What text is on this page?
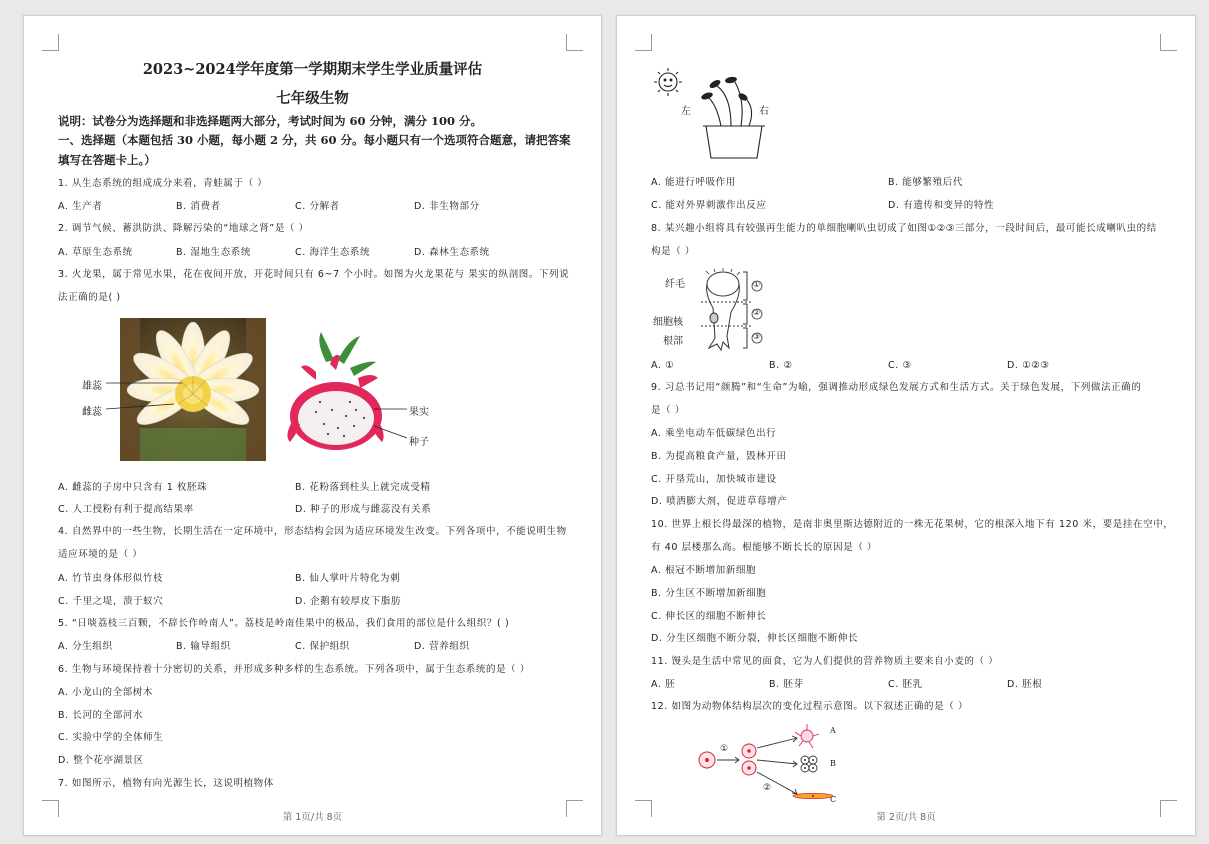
2023~2024学年度第一学期期末学生学业质量评估
七年级生物
说明：试卷分为选择题和非选择题两大部分，考试时间为 60 分钟，满分 100 分。
一、选择题（本题包括 30 小题，每小题 2 分，共 60 分。每小题只有一个选项符合题意，请把答案
填写在答题卡上。）
1. 从生态系统的组成成分来看，青蛙属于（ ）
A. 生产者	B. 消费者	C. 分解者	D. 非生物部分
2. 调节气候、蓄洪防洪、降解污染的“地球之肾”是（ ）
A. 草原生态系统	B. 湿地生态系统	C. 海洋生态系统	D. 森林生态系统
3. 火龙果，属于常见水果，花在夜间开放，开花时间只有 6~7 个小时。如图为火龙果花与 果实的纵剖图。下列说
法正确的是( )
雄蕊
雌蕊	果实
种子
A. 雌蕊的子房中只含有 1 枚胚珠	B. 花粉落到柱头上就完成受精
C. 人工授粉有利于提高结果率	D. 种子的形成与雌蕊没有关系
4. 自然界中的一些生物，长期生活在一定环境中，形态结构会因为适应环境发生改变。下列各项中，不能说明生物
适应环境的是（ ）
A. 竹节虫身体形似竹枝	B. 仙人掌叶片特化为刺
C. 千里之堤，溃于蚁穴	D. 企鹅有较厚皮下脂肪
5. “日啖荔枝三百颗，不辞长作岭南人”。荔枝是岭南佳果中的极品，我们食用的部位是什么组织？( )
A. 分生组织	B. 输导组织	C. 保护组织	D. 营养组织
6. 生物与环境保持着十分密切的关系，并形成多种多样的生态系统。下列各项中，属于生态系统的是（ ）
A. 小龙山的全部树木
B. 长河的全部河水
C. 实验中学的全体师生
D. 整个花亭湖景区
7. 如图所示，植物有向光源生长，这说明植物体
第 1页/共 8页
左	右
A. 能进行呼吸作用	B. 能够繁殖后代
C. 能对外界刺激作出反应	D. 有遗传和变异的特性
8. 某兴趣小组将具有较强再生能力的单细胞喇叭虫切成了如图①②③三部分，一段时间后，最可能长成喇叭虫的结
构是（ ）
纤毛
细胞核
根部
①
②
③
A. ①	B. ②	C. ③	D. ①②③
9. 习总书记用“颜腾”和“生命”为喻，强调推动形成绿色发展方式和生活方式。关于绿色发展，下列做法正确的
是（ ）
A. 乘坐电动车低碳绿色出行
B. 为提高粮食产量，毁林开田
C. 开垦荒山，加快城市建设
D. 喷洒膨大剂，促进草莓增产
10. 世界上根长得最深的植物，是南非奥里斯达德附近的一株无花果树，它的根深入地下有 120 米，要是挂在空中，
有 40 层楼那么高。根能够不断长长的原因是（ ）
A. 根冠不断增加新细胞
B. 分生区不断增加新细胞
C. 伸长区的细胞不断伸长
D. 分生区细胞不断分裂，伸长区细胞不断伸长
11. 馒头是生活中常见的面食，它为人们提供的营养物质主要来自小麦的（ ）
A. 胚	B. 胚芽	C. 胚乳	D. 胚根
12. 如图为动物体结构层次的变化过程示意图。以下叙述正确的是（ ）
①
②
A
B
C
第 2页/共 8页
